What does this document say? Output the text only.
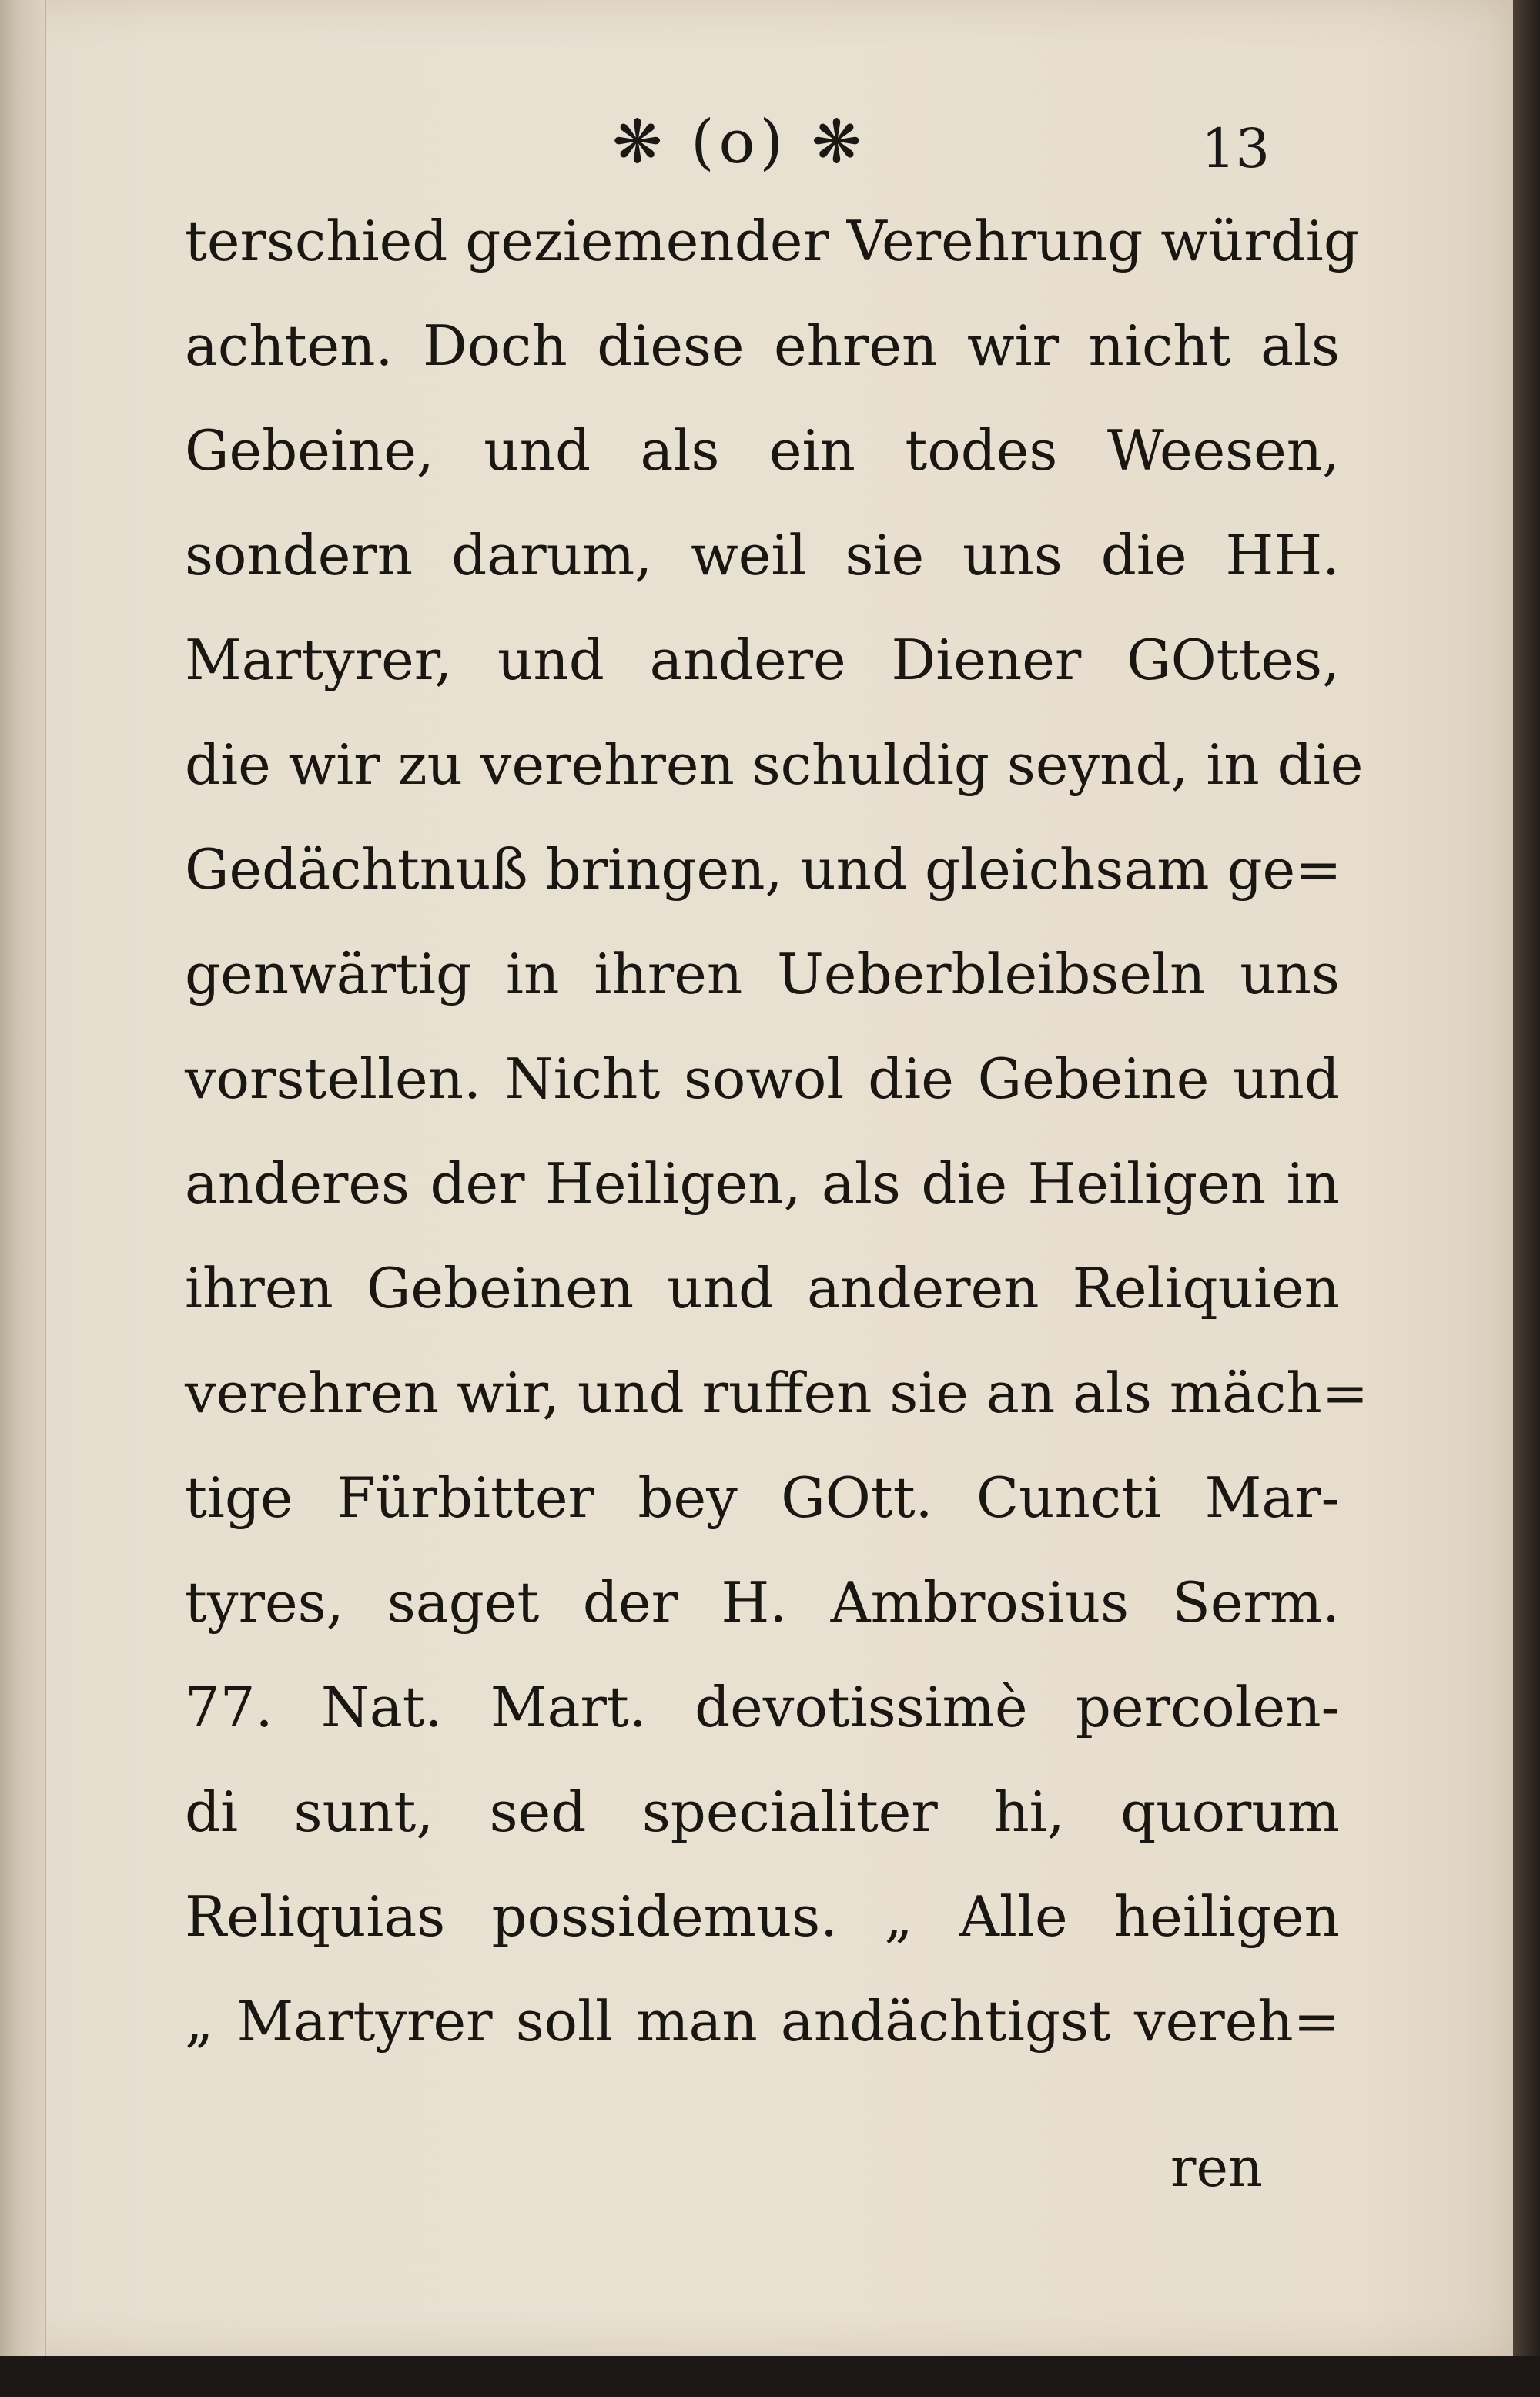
❋ (o) ❋	13
terschied geziemender Verehrung würdig
achten. Doch diese ehren wir nicht als
Gebeine, und als ein todes Weesen,
sondern darum, weil sie uns die HH.
Martyrer, und andere Diener GOttes,
die wir zu verehren schuldig seynd, in die
Gedächtnuß bringen, und gleichsam ge=
genwärtig in ihren Ueberbleibseln uns
vorstellen. Nicht sowol die Gebeine und
anderes der Heiligen, als die Heiligen in
ihren Gebeinen und anderen Reliquien
verehren wir, und ruffen sie an als mäch=
tige Fürbitter bey GOtt. Cuncti Mar-
tyres, saget der H. Ambrosius Serm.
77. Nat. Mart. devotissimè percolen-
di sunt, sed specialiter hi, quorum
Reliquias possidemus. „ Alle heiligen
„ Martyrer soll man andächtigst vereh=
ren
